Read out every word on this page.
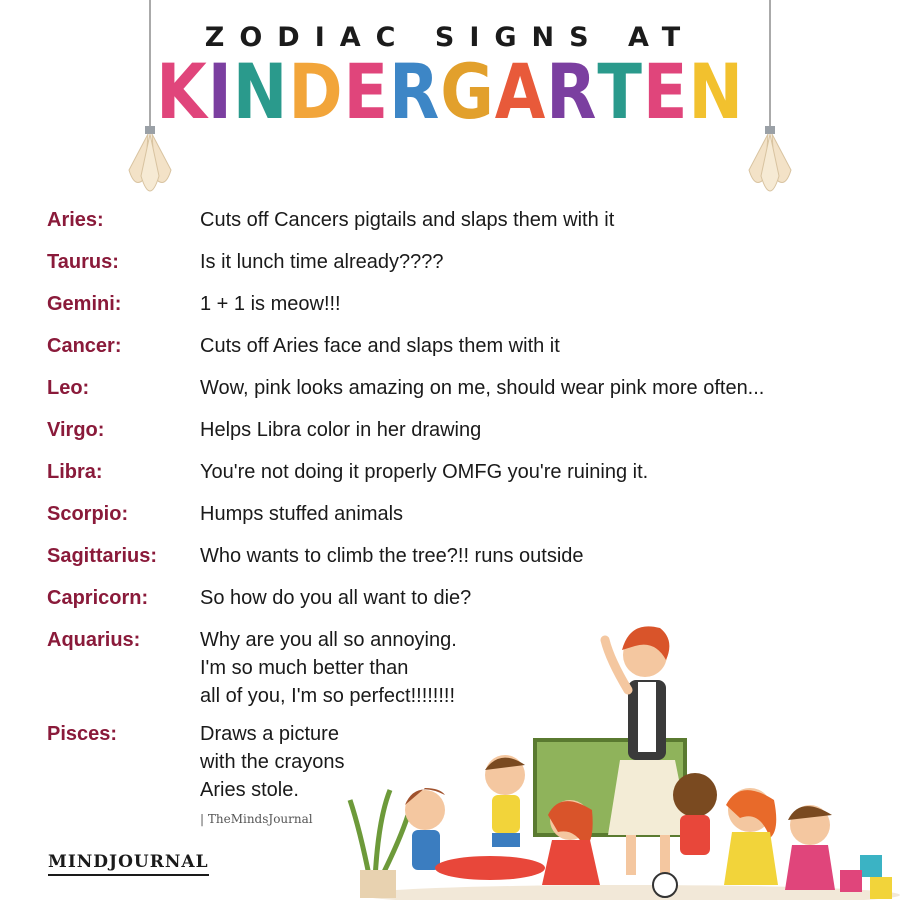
ZODIAC SIGNS AT
KINDERGARTEN
Aries:	Cuts off Cancers pigtails and slaps them with it
Taurus:	Is it lunch time already????
Gemini:	1 + 1 is meow!!!
Cancer:	Cuts off Aries face and slaps them with it
Leo:	Wow, pink looks amazing on me, should wear pink more often...
Virgo:	Helps Libra color in her drawing
Libra:	You're not doing it properly OMFG you're ruining it.
Scorpio:	Humps stuffed animals
Sagittarius: Who wants to climb the tree?!! runs outside
Capricorn:	So how do you all want to die?
Aquarius:	Why are you all so annoying.
I'm so much better than
all of you, I'm so perfect!!!!!!!!
Pisces:	Draws a picture
with the crayons
Aries stole.
| TheMindsJournal
MINDJOURNAL
